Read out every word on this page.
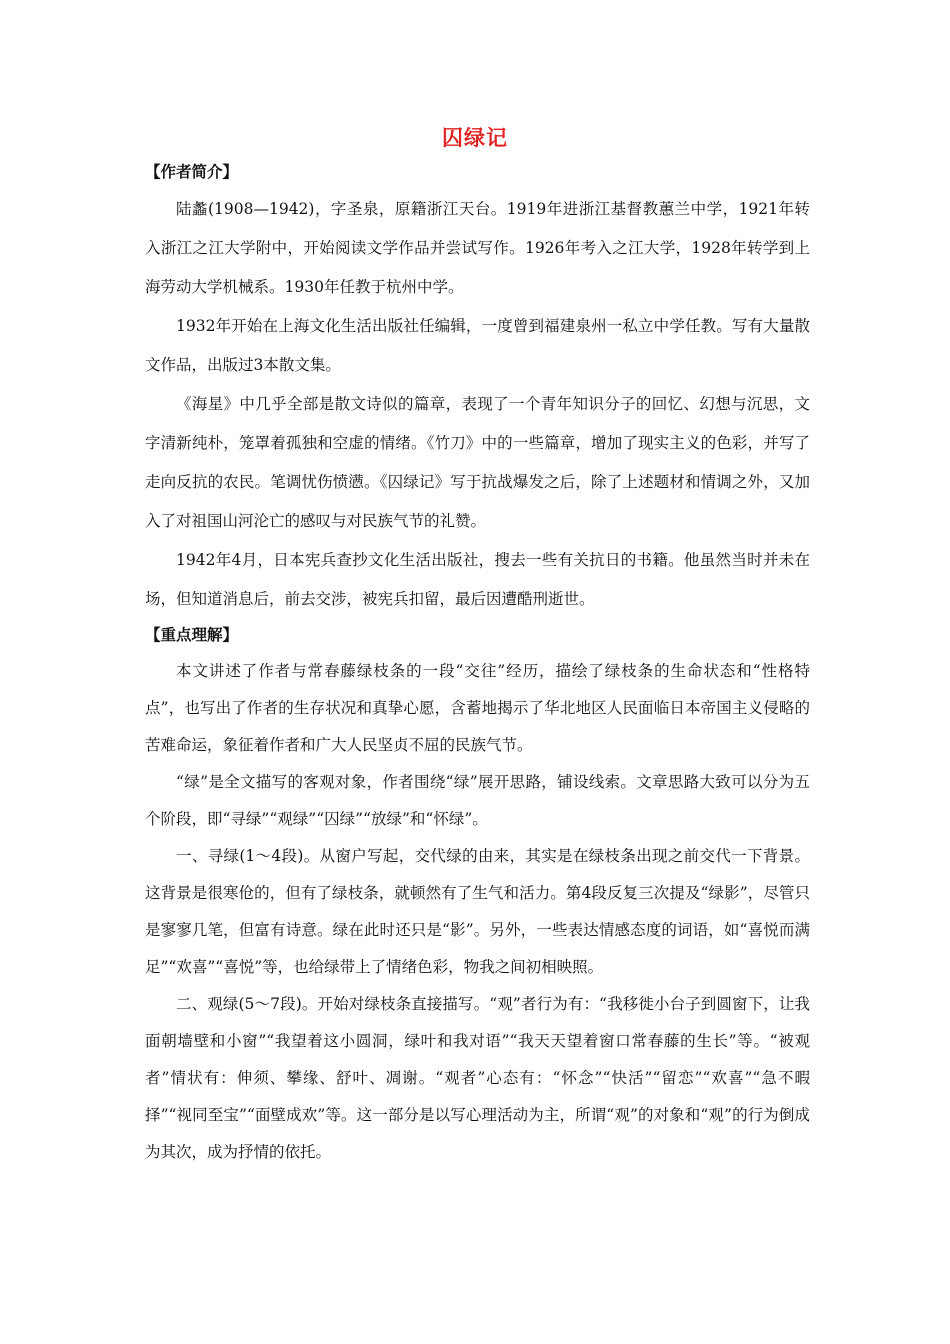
囚绿记

【作者简介】

陆蠡(1908—1942)，字圣泉，原籍浙江天台。1919年进浙江基督教蕙兰中学，1921年转入浙江之江大学附中，开始阅读文学作品并尝试写作。1926年考入之江大学，1928年转学到上海劳动大学机械系。1930年任教于杭州中学。

1932年开始在上海文化生活出版社任编辑，一度曾到福建泉州一私立中学任教。写有大量散文作品，出版过3本散文集。

《海星》中几乎全部是散文诗似的篇章，表现了一个青年知识分子的回忆、幻想与沉思，文字清新纯朴，笼罩着孤独和空虚的情绪。《竹刀》中的一些篇章，增加了现实主义的色彩，并写了走向反抗的农民。笔调忧伤愤懑。《囚绿记》写于抗战爆发之后，除了上述题材和情调之外，又加入了对祖国山河沦亡的感叹与对民族气节的礼赞。

1942年4月，日本宪兵查抄文化生活出版社，搜去一些有关抗日的书籍。他虽然当时并未在场，但知道消息后，前去交涉，被宪兵扣留，最后因遭酷刑逝世。

【重点理解】

本文讲述了作者与常春藤绿枝条的一段“交往”经历，描绘了绿枝条的生命状态和“性格特点”，也写出了作者的生存状况和真挚心愿，含蓄地揭示了华北地区人民面临日本帝国主义侵略的苦难命运，象征着作者和广大人民坚贞不屈的民族气节。

“绿”是全文描写的客观对象，作者围绕“绿”展开思路，铺设线索。文章思路大致可以分为五个阶段，即“寻绿”“观绿”“囚绿”“放绿”和“怀绿”。

一、寻绿(1～4段)。从窗户写起，交代绿的由来，其实是在绿枝条出现之前交代一下背景。这背景是很寒伧的，但有了绿枝条，就顿然有了生气和活力。第4段反复三次提及“绿影”，尽管只是寥寥几笔，但富有诗意。绿在此时还只是“影”。另外，一些表达情感态度的词语，如“喜悦而满足”“欢喜”“喜悦”等，也给绿带上了情绪色彩，物我之间初相映照。

二、观绿(5～7段)。开始对绿枝条直接描写。“观”者行为有：“我移徙小台子到圆窗下，让我面朝墙壁和小窗”“我望着这小圆洞，绿叶和我对语”“我天天望着窗口常春藤的生长”等。“被观者”情状有：伸须、攀缘、舒叶、凋谢。“观者”心态有：“怀念”“快活”“留恋”“欢喜”“急不暇择”“视同至宝”“面壁成欢”等。这一部分是以写心理活动为主，所谓“观”的对象和“观”的行为倒成为其次，成为抒情的依托。
